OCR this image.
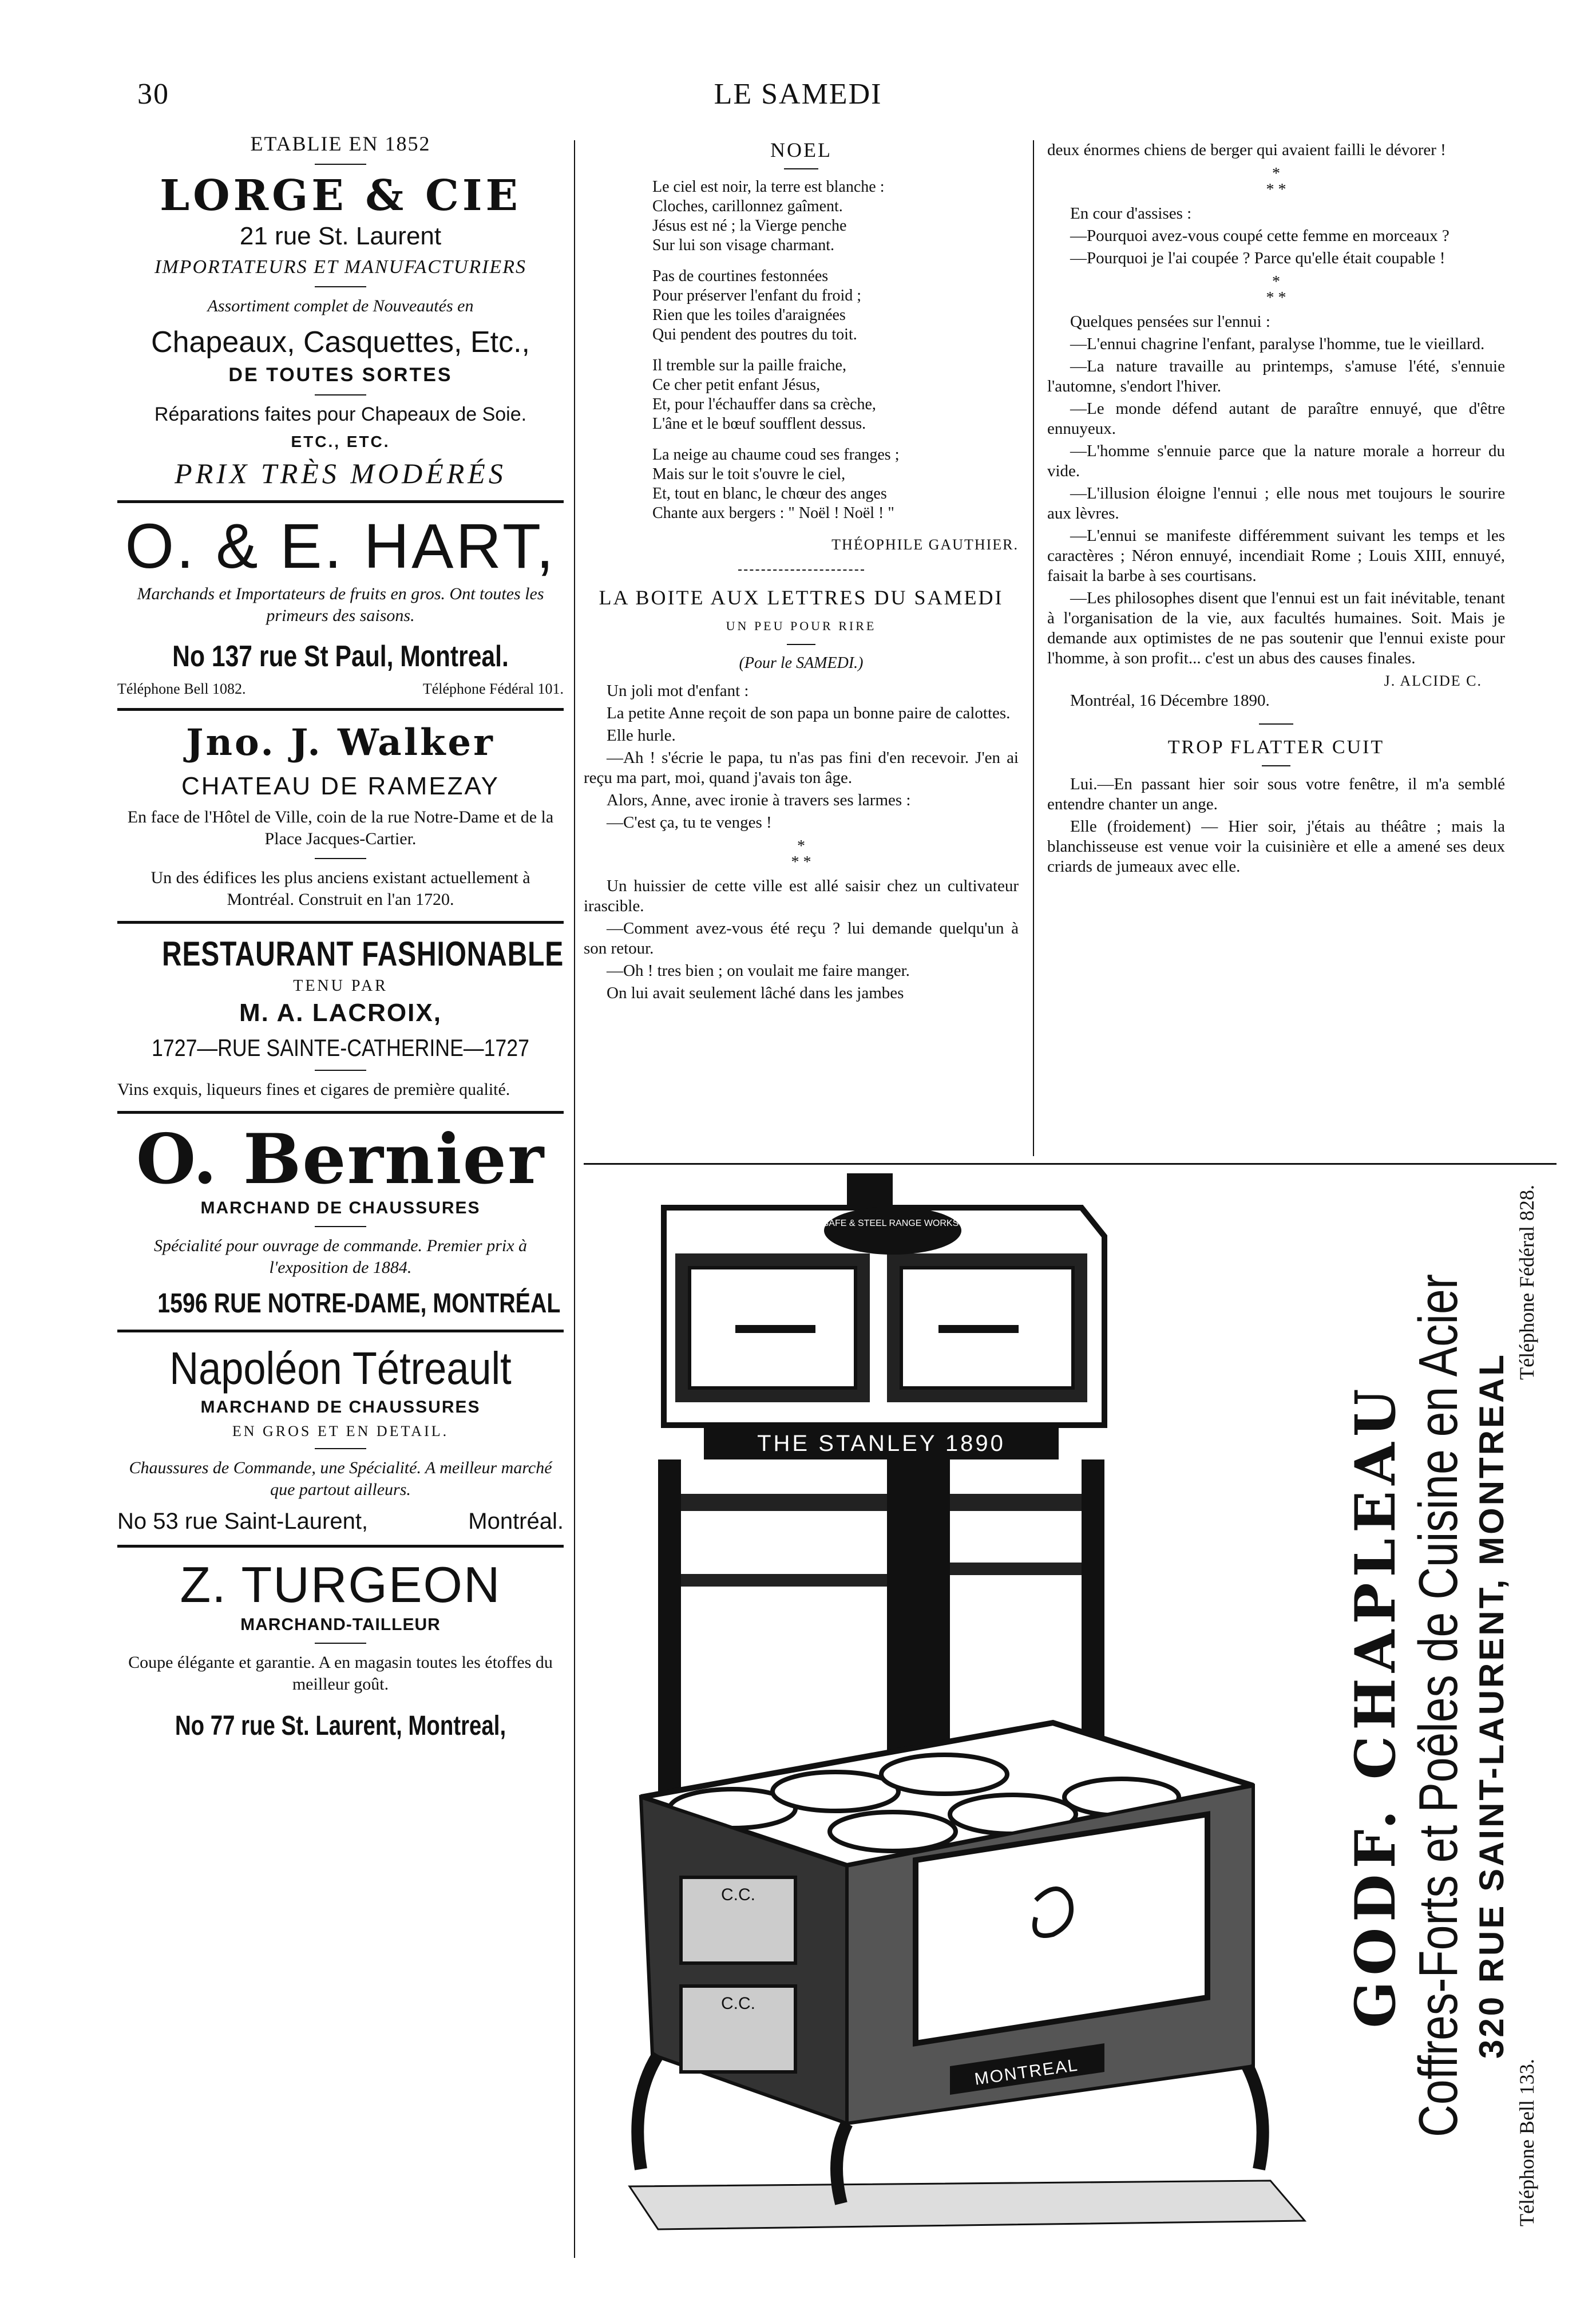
30	LE SAMEDI
ETABLIE EN 1852
LORGE & CIE
21 rue St. Laurent
IMPORTATEURS ET MANUFACTURIERS
Assortiment complet de Nouveautés en
Chapeaux, Casquettes, Etc.,
DE TOUTES SORTES
Réparations faites pour Chapeaux de Soie.
ETC., ETC.
PRIX TRÈS MODÉRÉS
O. & E. HART,
Marchands et Importateurs de fruits en gros. Ont toutes les primeurs des saisons.
No 137 rue St Paul, Montreal.
Téléphone Bell 1082.	Téléphone Fédéral 101.
Jno. J. Walker
CHATEAU DE RAMEZAY
En face de l'Hôtel de Ville, coin de la rue Notre-Dame et de la Place Jacques-Cartier.
Un des édifices les plus anciens existant actuellement à Montréal. Construit en l'an 1720.
RESTAURANT FASHIONABLE
TENU PAR
M. A. LACROIX,
1727—RUE SAINTE-CATHERINE—1727
Vins exquis, liqueurs fines et cigares de première qualité.
O. Bernier
MARCHAND DE CHAUSSURES
Spécialité pour ouvrage de commande. Premier prix à l'exposition de 1884.
1596 RUE NOTRE-DAME, MONTRÉAL
Napoléon Tétreault
MARCHAND DE CHAUSSURES
EN GROS ET EN DETAIL.
Chaussures de Commande, une Spécialité. A meilleur marché que partout ailleurs.
No 53 rue Saint-Laurent,	Montréal.
Z. TURGEON
MARCHAND-TAILLEUR
Coupe élégante et garantie. A en magasin toutes les étoffes du meilleur goût.
No 77 rue St. Laurent, Montreal,
NOEL
Le ciel est noir, la terre est blanche :
Cloches, carillonnez gaîment.
Jésus est né ; la Vierge penche
Sur lui son visage charmant.
Pas de courtines festonnées
Pour préserver l'enfant du froid ;
Rien que les toiles d'araignées
Qui pendent des poutres du toit.
Il tremble sur la paille fraiche,
Ce cher petit enfant Jésus,
Et, pour l'échauffer dans sa crèche,
L'âne et le bœuf soufflent dessus.
La neige au chaume coud ses franges ;
Mais sur le toit s'ouvre le ciel,
Et, tout en blanc, le chœur des anges
Chante aux bergers : " Noël ! Noël ! "
THÉOPHILE GAUTHIER.
LA BOITE AUX LETTRES DU SAMEDI
UN PEU POUR RIRE
(Pour le SAMEDI.)

Un joli mot d'enfant :

La petite Anne reçoit de son papa un bonne paire de calottes.

Elle hurle.

—Ah ! s'écrie le papa, tu n'as pas fini d'en recevoir. J'en ai reçu ma part, moi, quand j'avais ton âge.

Alors, Anne, avec ironie à travers ses larmes :

—C'est ça, tu te venges !

*
* *

Un huissier de cette ville est allé saisir chez un cultivateur irascible.

—Comment avez-vous été reçu ? lui demande quelqu'un à son retour.

—Oh ! tres bien ; on voulait me faire manger.

On lui avait seulement lâché dans les jambes

deux énormes chiens de berger qui avaient failli le dévorer !

*
* *

En cour d'assises :

—Pourquoi avez-vous coupé cette femme en morceaux ?

—Pourquoi je l'ai coupée ? Parce qu'elle était coupable !

*
* *

Quelques pensées sur l'ennui :

—L'ennui chagrine l'enfant, paralyse l'homme, tue le vieillard.

—La nature travaille au printemps, s'amuse l'été, s'ennuie l'automne, s'endort l'hiver.

—Le monde défend autant de paraître ennuyé, que d'être ennuyeux.

—L'homme s'ennuie parce que la nature morale a horreur du vide.

—L'illusion éloigne l'ennui ; elle nous met toujours le sourire aux lèvres.

—L'ennui se manifeste différemment suivant les temps et les caractères ; Néron ennuyé, incendiait Rome ; Louis XIII, ennuyé, faisait la barbe à ses courtisans.

—Les philosophes disent que l'ennui est un fait inévitable, tenant à l'organisation de la vie, aux facultés humaines. Soit. Mais je demande aux optimistes de ne pas soutenir que l'ennui existe pour l'homme, à son profit... c'est un abus des causes finales.

J. ALCIDE C.

Montréal, 16 Décembre 1890.

TROP FLATTER CUIT

Lui.—En passant hier soir sous votre fenêtre, il m'a semblé entendre chanter un ange.

Elle (froidement) — Hier soir, j'étais au théâtre ; mais la blanchisseuse est venue voir la cuisinière et elle a amené ses deux criards de jumeaux avec elle.

DOMINION SAFE & STEEL RANGE WORKS MONTREAL
THE STANLEY 1890
C.C.
C.C.
MONTREAL
GODF. CHAPLEAU Coffres-Forts et Poêles de Cuisine en Acier 320 RUE SAINT-LAURENT, MONTREAL
Téléphone Bell 133.
Téléphone Fédéral 828.
